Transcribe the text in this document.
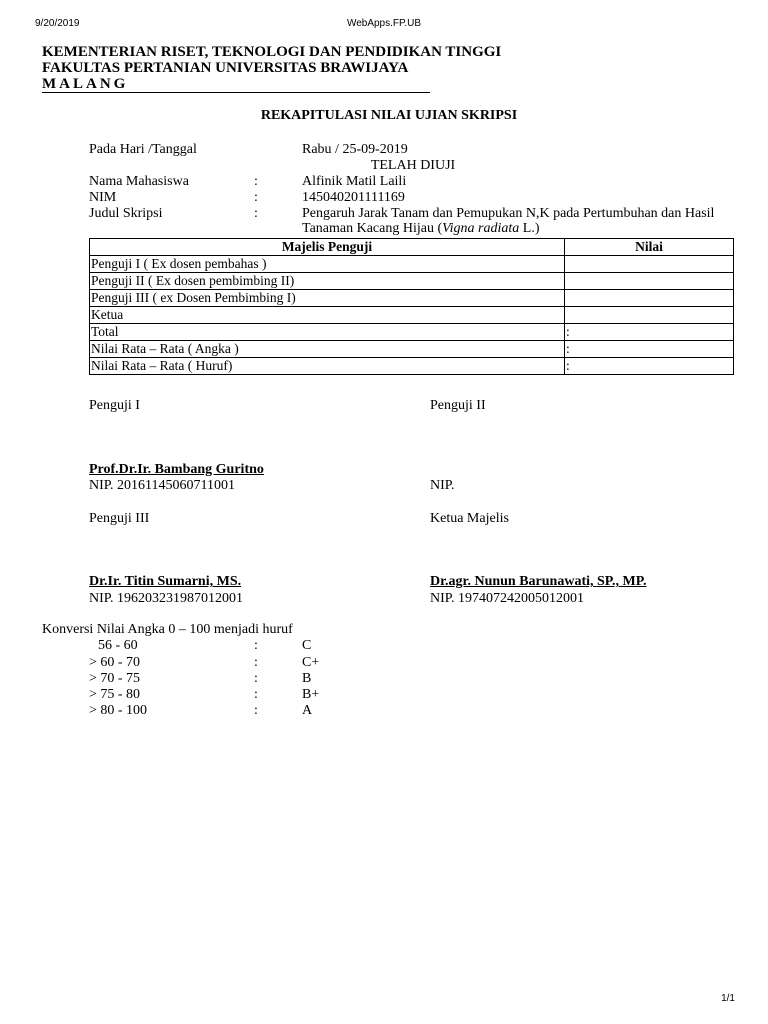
9/20/2019	WebApps.FP.UB
KEMENTERIAN RISET, TEKNOLOGI DAN PENDIDIKAN TINGGI
FAKULTAS PERTANIAN UNIVERSITAS BRAWIJAYA
MALANG
REKAPITULASI NILAI UJIAN SKRIPSI
Pada Hari /Tanggal	Rabu / 25-09-2019
TELAH DIUJI
Nama Mahasiswa	:	Alfinik Matil Laili
NIM	:	145040201111169
Judul Skripsi	:	Pengaruh Jarak Tanam dan Pemupukan N,K pada Pertumbuhan dan Hasil
Tanaman Kacang Hijau (Vigna radiata L.)
Majelis Penguji	Nilai
Penguji I ( Ex dosen pembahas )	
Penguji II ( Ex dosen pembimbing II)	
Penguji III ( ex Dosen Pembimbing I)	
Ketua	
Total	:
Nilai Rata – Rata ( Angka )	:
Nilai Rata – Rata ( Huruf)	:
Penguji I	Penguji II
Prof.Dr.Ir. Bambang Guritno
NIP. 20161145060711001	NIP.
Penguji III	Ketua Majelis
Dr.Ir. Titin Sumarni, MS.	Dr.agr. Nunun Barunawati, SP., MP.
NIP. 196203231987012001	NIP. 197407242005012001
Konversi Nilai Angka 0 – 100 menjadi huruf
56 - 60	:	C
> 60 - 70	:	C+
> 70 - 75	:	B
> 75 - 80	:	B+
> 80 - 100	:	A
1/1
